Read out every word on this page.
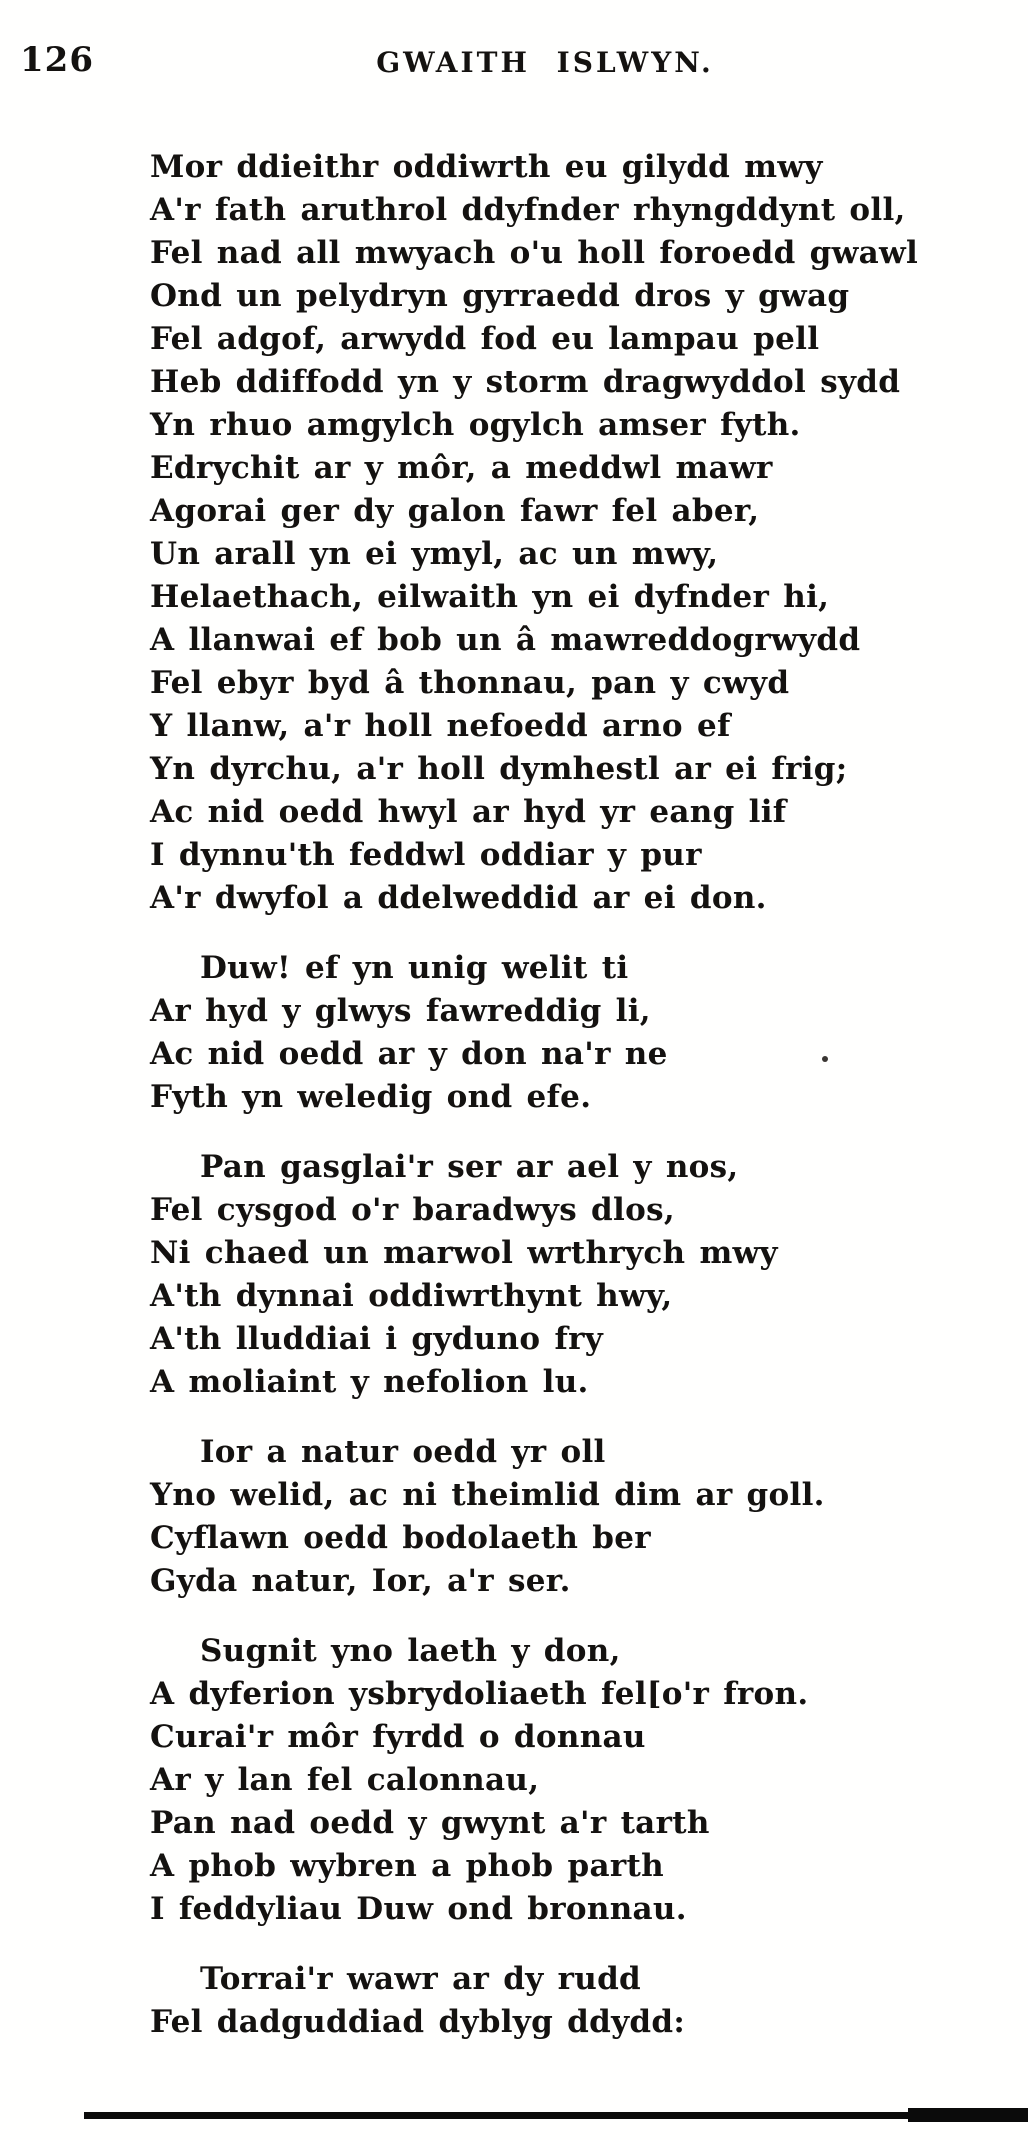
126	GWAITH ISLWYN.
Mor ddieithr oddiwrth eu gilydd mwy
A'r fath aruthrol ddyfnder rhyngddynt oll,
Fel nad all mwyach o'u holl foroedd gwawl
Ond un pelydryn gyrraedd dros y gwag
Fel adgof, arwydd fod eu lampau pell
Heb ddiffodd yn y storm dragwyddol sydd
Yn rhuo amgylch ogylch amser fyth.
Edrychit ar y môr, a meddwl mawr
Agorai ger dy galon fawr fel aber,
Un arall yn ei ymyl, ac un mwy,
Helaethach, eilwaith yn ei dyfnder hi,
A llanwai ef bob un â mawreddogrwydd
Fel ebyr byd â thonnau, pan y cwyd
Y llanw, a'r holl nefoedd arno ef
Yn dyrchu, a'r holl dymhestl ar ei frig;
Ac nid oedd hwyl ar hyd yr eang lif
I dynnu'th feddwl oddiar y pur
A'r dwyfol a ddelweddid ar ei don.
Duw! ef yn unig welit ti
Ar hyd y glwys fawreddig li,
Ac nid oedd ar y don na'r ne
Fyth yn weledig ond efe.
Pan gasglai'r ser ar ael y nos,
Fel cysgod o'r baradwys dlos,
Ni chaed un marwol wrthrych mwy
A'th dynnai oddiwrthynt hwy,
A'th lluddiai i gyduno fry
A moliaint y nefolion lu.
Ior a natur oedd yr oll
Yno welid, ac ni theimlid dim ar goll.
Cyflawn oedd bodolaeth ber
Gyda natur, Ior, a'r ser.
Sugnit yno laeth y don,
A dyferion ysbrydoliaeth fel[o'r fron.
Curai'r môr fyrdd o donnau
Ar y lan fel calonnau,
Pan nad oedd y gwynt a'r tarth
A phob wybren a phob parth
I feddyliau Duw ond bronnau.
Torrai'r wawr ar dy rudd
Fel dadguddiad dyblyg ddydd:
